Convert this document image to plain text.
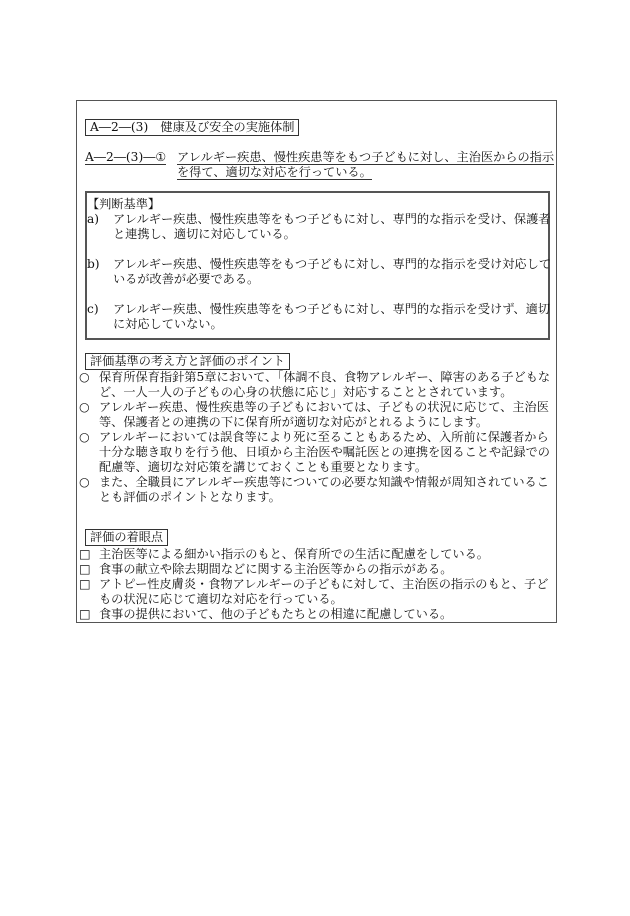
A―2―(3)　健康及び安全の実施体制
A―2―(3)―① アレルギー疾患、慢性疾患等をもつ子どもに対し、主治医からの指示
を得て、適切な対応を行っている。
【判断基準】
a) アレルギー疾患、慢性疾患等をもつ子どもに対し、専門的な指示を受け、保護者
と連携し、適切に対応している。
b) アレルギー疾患、慢性疾患等をもつ子どもに対し、専門的な指示を受け対応して
いるが改善が必要である。
c) アレルギー疾患、慢性疾患等をもつ子どもに対し、専門的な指示を受けず、適切
に対応していない。
評価基準の考え方と評価のポイント
○ 保育所保育指針第5章において、「体調不良、食物アレルギー、障害のある子どもな
ど、一人一人の子どもの心身の状態に応じ」対応することとされています。
○ アレルギー疾患、慢性疾患等の子どもにおいては、子どもの状況に応じて、主治医
等、保護者との連携の下に保育所が適切な対応がとれるようにします。
○ アレルギーにおいては誤食等により死に至ることもあるため、入所前に保護者から
十分な聴き取りを行う他、日頃から主治医や嘱託医との連携を図ることや記録での
配慮等、適切な対応策を講じておくことも重要となります。
○ また、全職員にアレルギー疾患等についての必要な知識や情報が周知されているこ
とも評価のポイントとなります。
評価の着眼点
□ 主治医等による細かい指示のもと、保育所での生活に配慮をしている。
□ 食事の献立や除去期間などに関する主治医等からの指示がある。
□ アトピー性皮膚炎・食物アレルギーの子どもに対して、主治医の指示のもと、子ど
もの状況に応じて適切な対応を行っている。
□ 食事の提供において、他の子どもたちとの相違に配慮している。
